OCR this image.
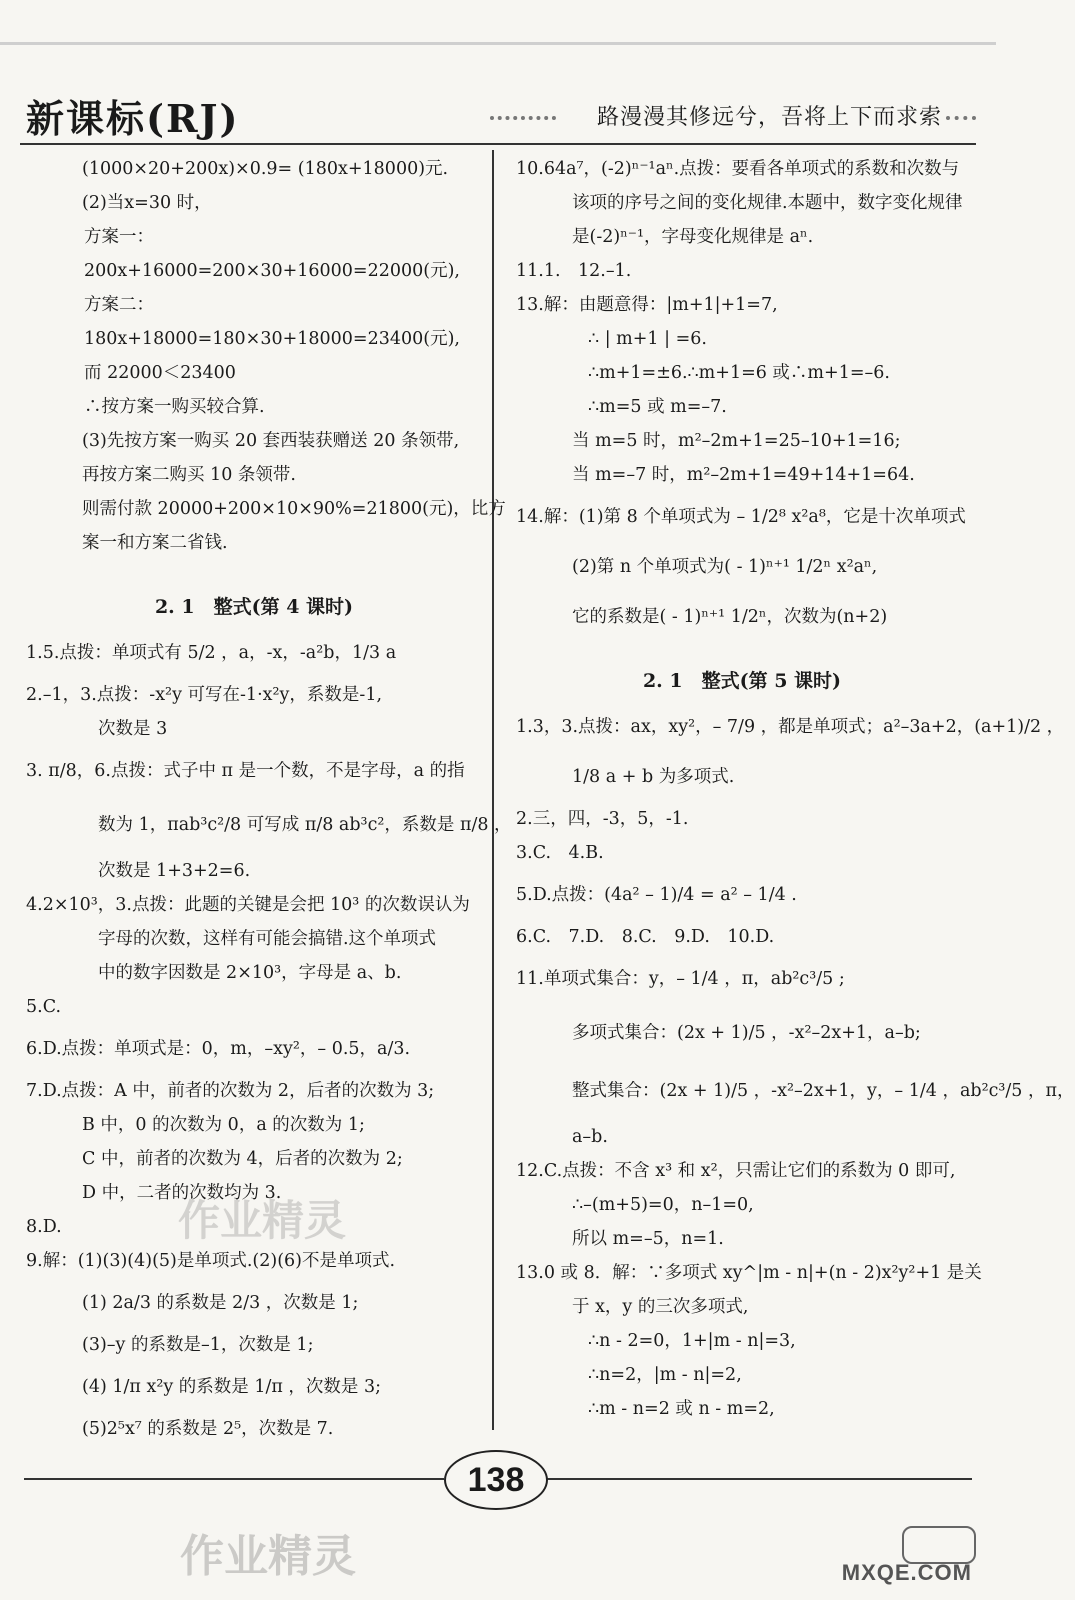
新课标(RJ)	路漫漫其修远兮，吾将上下而求索
(1000×20+200x)×0.9= (180x+18000)元.
(2)当x=30 时，
方案一：
200x+16000=200×30+16000=22000(元),
方案二：
180x+18000=180×30+18000=23400(元),
而 22000＜23400
∴按方案一购买较合算.
(3)先按方案一购买 20 套西装获赠送 20 条领带,
再按方案二购买 10 条领带.
则需付款 20000+200×10×90%=21800(元)，比方
案一和方案二省钱.
2. 1　整式(第 4 课时)
1.5.点拨：单项式有 5/2 ，a，-x，-a²b，1/3 a
2.–1，3.点拨：-x²y 可写在-1·x²y，系数是-1,
次数是 3
3. π/8，6.点拨：式子中 π 是一个数，不是字母，a 的指
数为 1，πab³c²/8 可写成 π/8 ab³c²，系数是 π/8 ，
次数是 1+3+2=6.
4.2×10³，3.点拨：此题的关键是会把 10³ 的次数误认为
字母的次数，这样有可能会搞错.这个单项式
中的数字因数是 2×10³，字母是 a、b.
5.C.
6.D.点拨：单项式是：0，m，–xy²，– 0.5，a/3.
7.D.点拨：A 中，前者的次数为 2，后者的次数为 3;
B 中，0 的次数为 0，a 的次数为 1;
C 中，前者的次数为 4，后者的次数为 2;
D 中，二者的次数均为 3.
8.D.
9.解：(1)(3)(4)(5)是单项式.(2)(6)不是单项式.
(1) 2a/3 的系数是 2/3 ，次数是 1;
(3)–y 的系数是–1，次数是 1;
(4) 1/π x²y 的系数是 1/π ，次数是 3;
(5)2⁵x⁷ 的系数是 2⁵，次数是 7.
10.64a⁷，(-2)ⁿ⁻¹aⁿ.点拨：要看各单项式的系数和次数与
该项的序号之间的变化规律.本题中，数字变化规律
是(-2)ⁿ⁻¹，字母变化规律是 aⁿ.
11.1.　12.–1.
13.解：由题意得：|m+1|+1=7,
∴ | m+1 | =6.
∴m+1=±6.∴m+1=6 或∴m+1=–6.
∴m=5 或 m=–7.
当 m=5 时，m²–2m+1=25–10+1=16;
当 m=–7 时，m²–2m+1=49+14+1=64.
14.解：(1)第 8 个单项式为 – 1/2⁸ x²a⁸，它是十次单项式
(2)第 n 个单项式为( - 1)ⁿ⁺¹ 1/2ⁿ x²aⁿ,
它的系数是( - 1)ⁿ⁺¹ 1/2ⁿ，次数为(n+2)
2. 1　整式(第 5 课时)
1.3，3.点拨：ax，xy²，– 7/9 ，都是单项式；a²–3a+2，(a+1)/2 ，
1/8 a + b 为多项式.
2.三，四，-3，5，-1.
3.C.　4.B.
5.D.点拨：(4a² – 1)/4 = a² – 1/4 .
6.C.　7.D.　8.C.　9.D.　10.D.
11.单项式集合：y，– 1/4 ，π，ab²c³/5 ;
多项式集合：(2x + 1)/5 ，-x²–2x+1，a–b;
整式集合：(2x + 1)/5 ，-x²–2x+1，y，– 1/4 ，ab²c³/5 ，π，
a–b.
12.C.点拨：不含 x³ 和 x²，只需让它们的系数为 0 即可,
∴–(m+5)=0，n–1=0,
所以 m=–5，n=1.
13.0 或 8．解：∵多项式 xy^|m - n|+(n - 2)x²y²+1 是关
于 x，y 的三次多项式,
∴n - 2=0，1+|m - n|=3,
∴n=2，|m - n|=2,
∴m - n=2 或 n - m=2,
作业精灵
138
作业精灵	MXQE.COM
